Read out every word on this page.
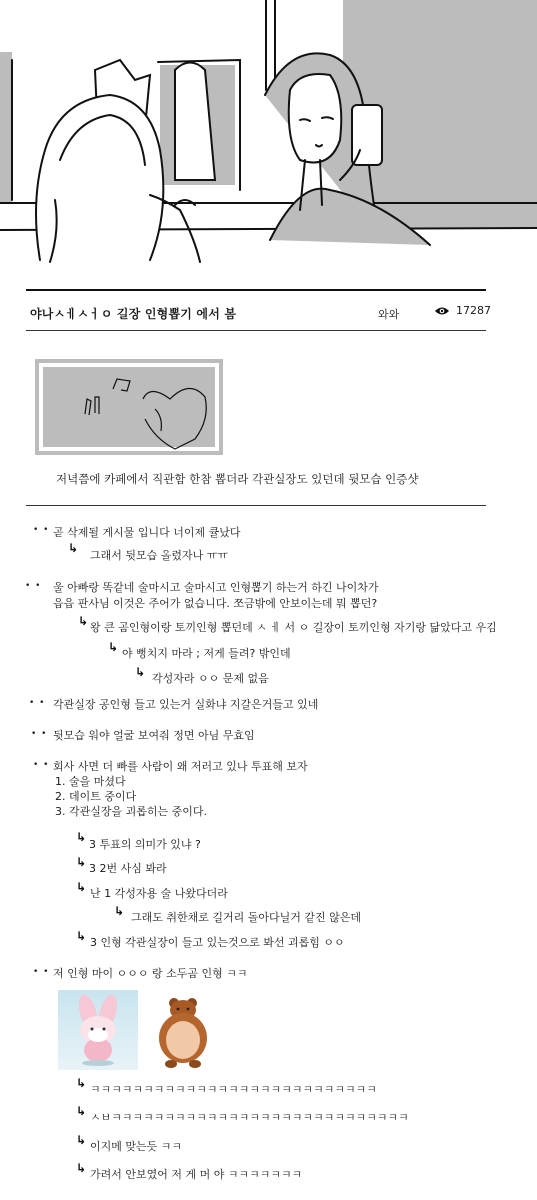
야나ㅅㅔㅅㅓㅇ 길장 인형뽑기 에서 봄	와와	17287
저녁쯤에 카페에서 직관함 한참 뽑더라 각관실장도 있던데 뒷모습 인증샷
• • 곧 삭제될 게시물 입니다 너이제 큘났다
↳
그래서 뒷모습 올렸자나 ㅠㅠ
• • 울 아빠랑 똑같네 술마시고 술마시고 인형뽑기 하는거 하긴 나이차가
읍읍 판사님 이것은 주어가 없습니다. 쪼금밖에 안보이는데 뭐 뽑던?
↳ 왕 큰 곰인형이랑 토끼인형 뽑던데 ㅅ ㅔ 서 ㅇ 길장이 토끼인형 자기랑 닮았다고 우김
↳ 야 뻥치지 마라 ; 저게 들려? 밖인데
↳ 각성자라 ㅇㅇ 문제 없음
• • 각관실장 공인형 들고 있는거 실화냐 지갈은거들고 있네
• • 뒷모습 워야 얼굴 보여줘 정면 아님 무효임
• • 회사 사면 더 빠를 사람이 왜 저러고 있나 투표해 보자
1. 술을 마셨다
2. 데이트 중이다
3. 각관실장을 괴롭히는 중이다.
↳
3 투표의 의미가 있냐 ?
↳ 3 2번 사심 봐라
↳ 난 1 각성자용 술 나왔다더라
↳ 그래도 취한채로 길거리 돌아다닐거 같진 않은데
↳ 3 인형 각관실장이 들고 있는것으로 봐선 괴롭힘 ㅇㅇ
• • 저 인형 마이 ㅇㅇㅇ 랑 소두곰 인형 ㅋㅋ
↳ ㅋㅋㅋㅋㅋㅋㅋㅋㅋㅋㅋㅋㅋㅋㅋㅋㅋㅋㅋㅋㅋㅋㅋㅋㅋㅋㅋ
↳ ㅅㅂㅋㅋㅋㅋㅋㅋㅋㅋㅋㅋㅋㅋㅋㅋㅋㅋㅋㅋㅋㅋㅋㅋㅋㅋㅋㅋㅋㅋ
↳ 이지메 맞는듯 ㅋㅋ
↳ 가려서 안보였어 저 게 머 야 ㅋㅋㅋㅋㅋㅋㅋ
